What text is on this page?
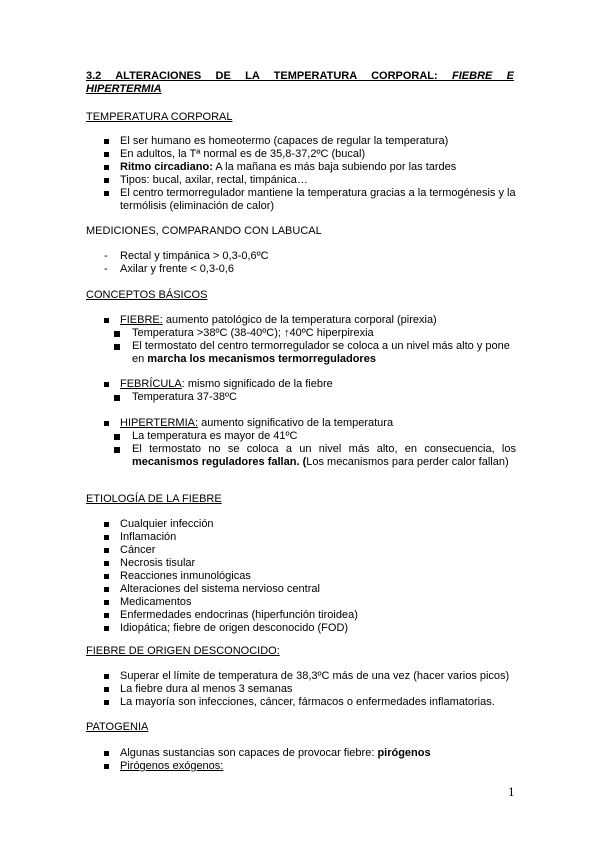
3.2 ALTERACIONES DE LA TEMPERATURA CORPORAL: FIEBRE E
HIPERTERMIA
TEMPERATURA CORPORAL
El ser humano es homeotermo (capaces de regular la temperatura)
En adultos, la Tª normal es de 35,8-37,2ºC (bucal)
Ritmo circadiano: A la mañana es más baja subiendo por las tardes
Tipos: bucal, axilar, rectal, timpánica…
El centro termorregulador mantiene la temperatura gracias a la termogénesis y la termólisis (eliminación de calor)
MEDICIONES, COMPARANDO CON LABUCAL
- Rectal y timpánica > 0,3-0,6ºC
- Axilar y frente < 0,3-0,6
CONCEPTOS BÁSICOS
FIEBRE: aumento patológico de la temperatura corporal (pirexia)
Temperatura >38ºC (38-40ºC); ↑40ºC hiperpirexia
El termostato del centro termorregulador se coloca a un nivel más alto y pone en marcha los mecanismos termorreguladores
FEBRÍCULA: mismo significado de la fiebre
Temperatura 37-38ºC
HIPERTERMIA: aumento significativo de la temperatura
La temperatura es mayor de 41ºC
El termostato no se coloca a un nivel más alto, en consecuencia, los mecanismos reguladores fallan. (Los mecanismos para perder calor fallan)
ETIOLOGÍA DE LA FIEBRE
Cualquier infección
Inflamación
Cáncer
Necrosis tisular
Reacciones inmunológicas
Alteraciones del sistema nervioso central
Medicamentos
Enfermedades endocrinas (hiperfunción tiroidea)
Idiopática; fiebre de origen desconocido (FOD)
FIEBRE DE ORIGEN DESCONOCIDO:
Superar el límite de temperatura de 38,3ºC más de una vez (hacer varios picos)
La fiebre dura al menos 3 semanas
La mayoría son infecciones, cáncer, fármacos o enfermedades inflamatorias.
PATOGENIA
Algunas sustancias son capaces de provocar fiebre: pirógenos
Pirógenos exógenos:
1
